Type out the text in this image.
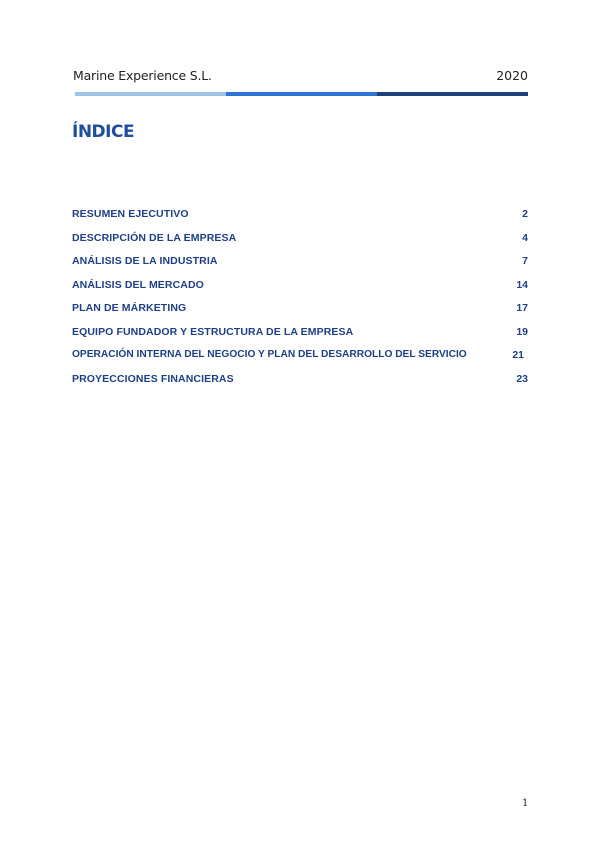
Marine Experience S.L.	2020
ÍNDICE
RESUMEN EJECUTIVO	2
DESCRIPCIÓN DE LA EMPRESA	4
ANÁLISIS DE LA INDUSTRIA	7
ANÁLISIS DEL MERCADO	14
PLAN DE MÁRKETING	17
EQUIPO FUNDADOR Y ESTRUCTURA DE LA EMPRESA	19
OPERACIÓN INTERNA DEL NEGOCIO Y PLAN DEL DESARROLLO DEL SERVICIO	21
PROYECCIONES FINANCIERAS	23
1
